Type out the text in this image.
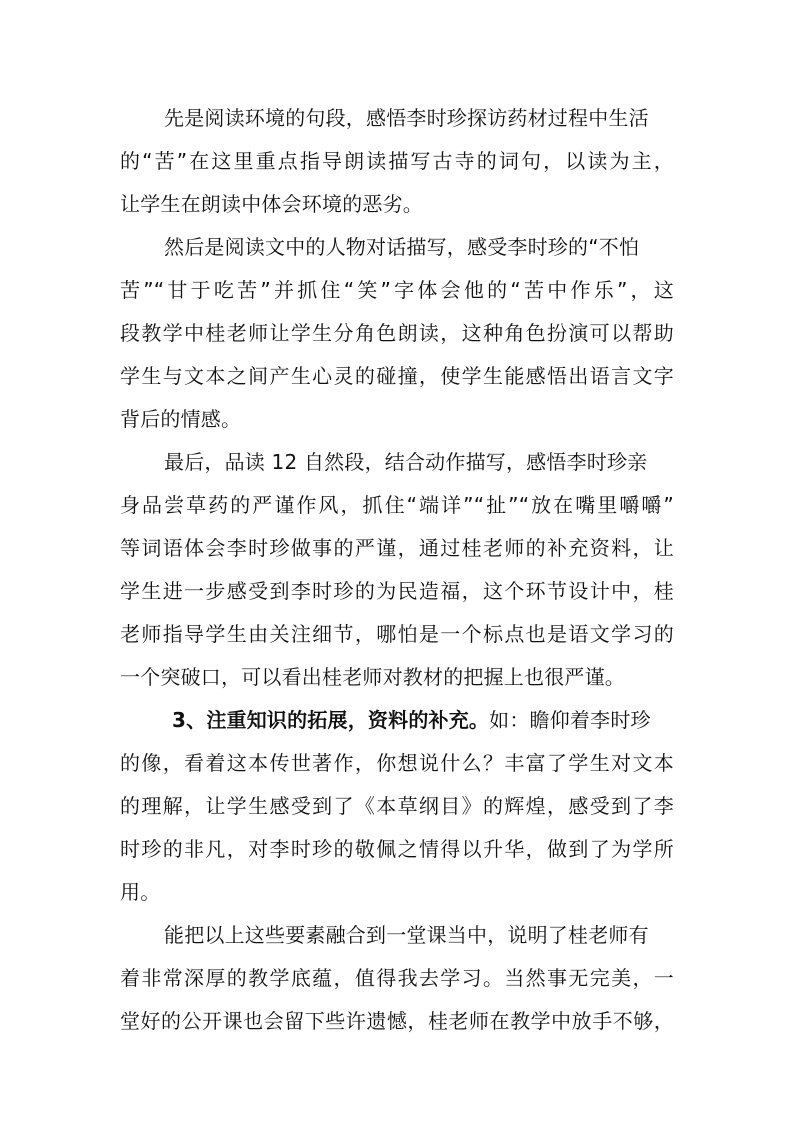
先是阅读环境的句段，感悟李时珍探访药材过程中生活
的“苦”在这里重点指导朗读描写古寺的词句，以读为主，
让学生在朗读中体会环境的恶劣。
然后是阅读文中的人物对话描写，感受李时珍的“不怕
苦”“甘于吃苦”并抓住“笑”字体会他的“苦中作乐”，这
段教学中桂老师让学生分角色朗读，这种角色扮演可以帮助
学生与文本之间产生心灵的碰撞，使学生能感悟出语言文字
背后的情感。
最后，品读 12 自然段，结合动作描写，感悟李时珍亲
身品尝草药的严谨作风，抓住“端详”“扯”“放在嘴里嚼嚼”
等词语体会李时珍做事的严谨，通过桂老师的补充资料，让
学生进一步感受到李时珍的为民造福，这个环节设计中，桂
老师指导学生由关注细节，哪怕是一个标点也是语文学习的
一个突破口，可以看出桂老师对教材的把握上也很严谨。
3、注重知识的拓展，资料的补充。如：瞻仰着李时珍
的像，看着这本传世著作，你想说什么？丰富了学生对文本
的理解，让学生感受到了《本草纲目》的辉煌，感受到了李
时珍的非凡，对李时珍的敬佩之情得以升华，做到了为学所
用。
能把以上这些要素融合到一堂课当中，说明了桂老师有
着非常深厚的教学底蕴，值得我去学习。当然事无完美，一
堂好的公开课也会留下些许遗憾，桂老师在教学中放手不够，
